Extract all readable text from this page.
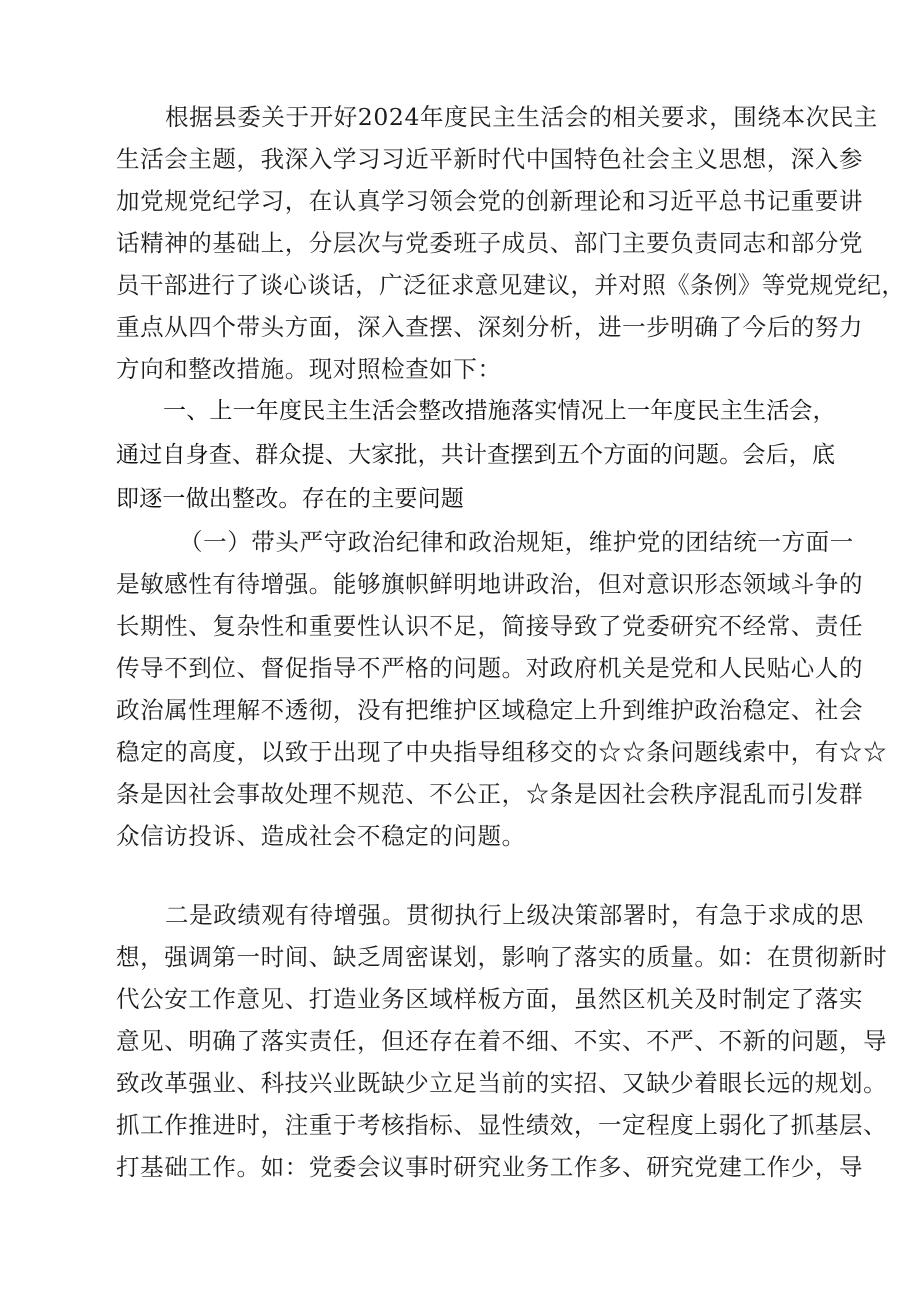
根据县委关于开好2024年度民主生活会的相关要求，围绕本次民主
生活会主题，我深入学习习近平新时代中国特色社会主义思想，深入参
加党规党纪学习，在认真学习领会党的创新理论和习近平总书记重要讲
话精神的基础上，分层次与党委班子成员、部门主要负责同志和部分党
员干部进行了谈心谈话，广泛征求意见建议，并对照《条例》等党规党纪，
重点从四个带头方面，深入查摆、深刻分析，进一步明确了今后的努力
方向和整改措施。现对照检查如下：
一、上一年度民主生活会整改措施落实情况上一年度民主生活会，
通过自身查、群众提、大家批，共计查摆到五个方面的问题。会后，底
即逐一做出整改。存在的主要问题
（一）带头严守政治纪律和政治规矩，维护党的团结统一方面一
是敏感性有待增强。能够旗帜鲜明地讲政治，但对意识形态领域斗争的
长期性、复杂性和重要性认识不足，简接导致了党委研究不经常、责任
传导不到位、督促指导不严格的问题。对政府机关是党和人民贴心人的
政治属性理解不透彻，没有把维护区域稳定上升到维护政治稳定、社会
稳定的高度，以致于出现了中央指导组移交的☆☆条问题线索中，有☆☆
条是因社会事故处理不规范、不公正，☆条是因社会秩序混乱而引发群
众信访投诉、造成社会不稳定的问题。
二是政绩观有待增强。贯彻执行上级决策部署时，有急于求成的思
想，强调第一时间、缺乏周密谋划，影响了落实的质量。如：在贯彻新时
代公安工作意见、打造业务区域样板方面，虽然区机关及时制定了落实
意见、明确了落实责任，但还存在着不细、不实、不严、不新的问题，导
致改革强业、科技兴业既缺少立足当前的实招、又缺少着眼长远的规划。
抓工作推进时，注重于考核指标、显性绩效，一定程度上弱化了抓基层、
打基础工作。如：党委会议事时研究业务工作多、研究党建工作少，导
